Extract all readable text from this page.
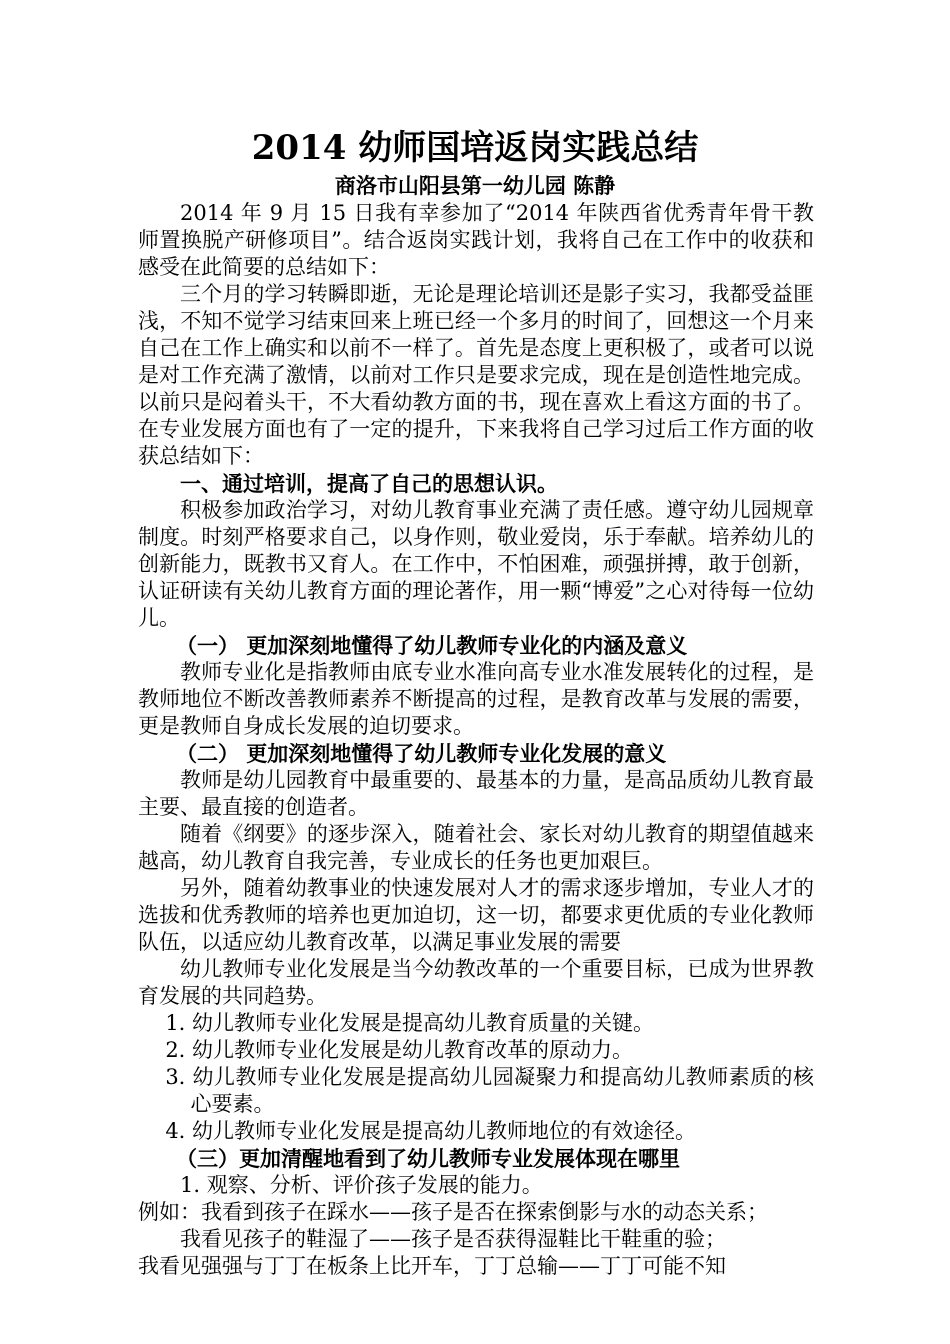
2014 幼师国培返岗实践总结
商洛市山阳县第一幼儿园 陈静

2014 年 9 月 15 日我有幸参加了“2014 年陕西省优秀青年骨干教师置换脱产研修项目”。结合返岗实践计划，我将自己在工作中的收获和感受在此简要的总结如下：

三个月的学习转瞬即逝，无论是理论培训还是影子实习，我都受益匪浅，不知不觉学习结束回来上班已经一个多月的时间了，回想这一个月来自己在工作上确实和以前不一样了。首先是态度上更积极了，或者可以说是对工作充满了激情，以前对工作只是要求完成，现在是创造性地完成。以前只是闷着头干，不大看幼教方面的书，现在喜欢上看这方面的书了。在专业发展方面也有了一定的提升，下来我将自己学习过后工作方面的收获总结如下：

一、通过培训，提高了自己的思想认识。

积极参加政治学习，对幼儿教育事业充满了责任感。遵守幼儿园规章制度。时刻严格要求自己，以身作则，敬业爱岗，乐于奉献。培养幼儿的创新能力，既教书又育人。在工作中，不怕困难，顽强拼搏，敢于创新，认证研读有关幼儿教育方面的理论著作，用一颗“博爱”之心对待每一位幼儿。

（一） 更加深刻地懂得了幼儿教师专业化的内涵及意义

教师专业化是指教师由底专业水准向高专业水准发展转化的过程，是教师地位不断改善教师素养不断提高的过程，是教育改革与发展的需要，更是教师自身成长发展的迫切要求。

（二） 更加深刻地懂得了幼儿教师专业化发展的意义

教师是幼儿园教育中最重要的、最基本的力量，是高品质幼儿教育最主要、最直接的创造者。

随着《纲要》的逐步深入，随着社会、家长对幼儿教育的期望值越来越高，幼儿教育自我完善，专业成长的任务也更加艰巨。

另外，随着幼教事业的快速发展对人才的需求逐步增加，专业人才的选拔和优秀教师的培养也更加迫切，这一切，都要求更优质的专业化教师队伍，以适应幼儿教育改革，以满足事业发展的需要

幼儿教师专业化发展是当今幼教改革的一个重要目标，已成为世界教育发展的共同趋势。

1. 幼儿教师专业化发展是提高幼儿教育质量的关键。

2. 幼儿教师专业化发展是幼儿教育改革的原动力。

3. 幼儿教师专业化发展是提高幼儿园凝聚力和提高幼儿教师素质的核心要素。

4. 幼儿教师专业化发展是提高幼儿教师地位的有效途径。

（三）更加清醒地看到了幼儿教师专业发展体现在哪里

1. 观察、分析、评价孩子发展的能力。

例如：我看到孩子在踩水——孩子是否在探索倒影与水的动态关系；

我看见孩子的鞋湿了——孩子是否获得湿鞋比干鞋重的验；

我看见强强与丁丁在板条上比开车，丁丁总输——丁丁可能不知
